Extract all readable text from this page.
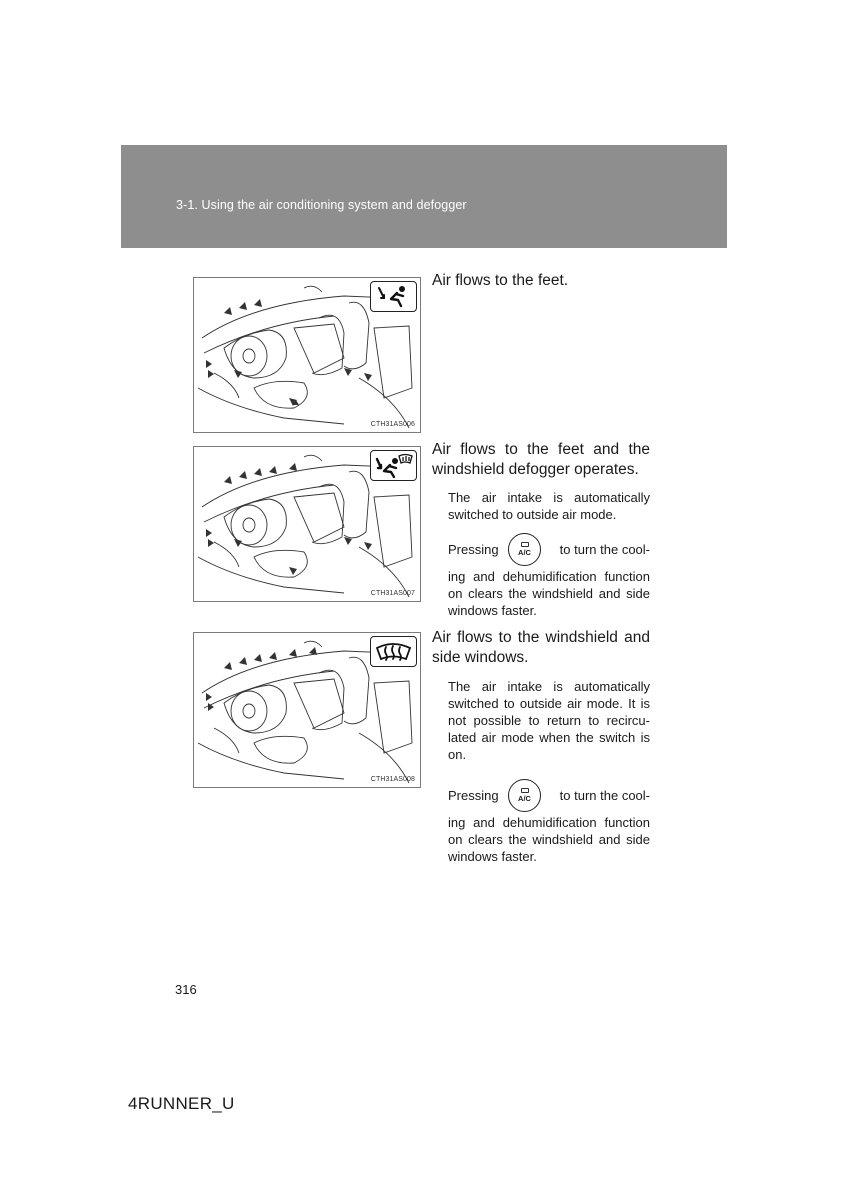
3-1. Using the air conditioning system and defogger
CTH31AS006
Air flows to the feet.
CTH31AS007
Air flows to the feet and the windshield defogger operates.
The air intake is automatically switched to outside air mode.
Pressing	A/C	to turn the cool-
ing and dehumidification function on clears the windshield and side windows faster.
CTH31AS008
Air flows to the windshield and side windows.
The air intake is automatically switched to outside air mode. It is not possible to return to recircu-lated air mode when the switch is on.
Pressing	A/C	to turn the cool-
ing and dehumidification function on clears the windshield and side windows faster.
316
4RUNNER_U
